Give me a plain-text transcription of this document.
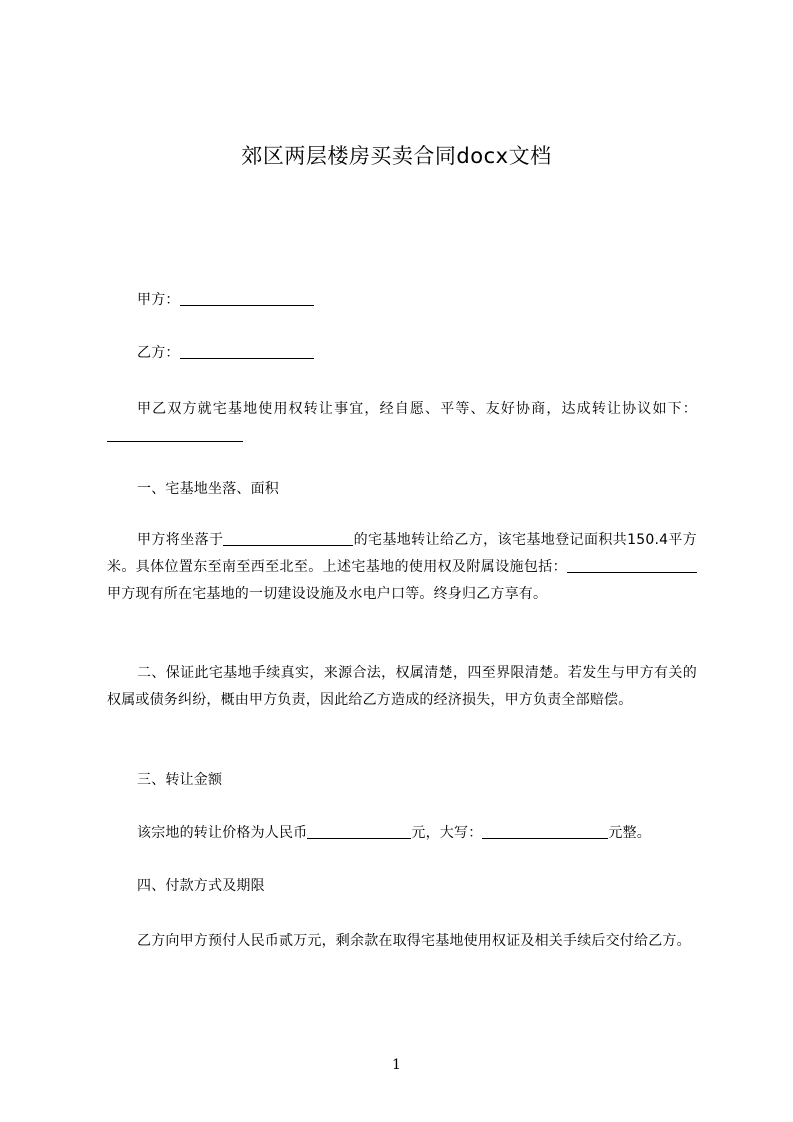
郊区两层楼房买卖合同docx文档
甲方：
乙方：
甲乙双方就宅基地使用权转让事宜，经自愿、平等、友好协商，达成转让协议如下：
一、宅基地坐落、面积
甲方将坐落于	的宅基地转让给乙方，该宅基地登记面积共150.4平方米。具体位置东至南至西至北至。上述宅基地的使用权及附属设施包括：甲方现有所在宅基地的一切建设设施及水电户口等。终身归乙方享有。
二、保证此宅基地手续真实，来源合法，权属清楚，四至界限清楚。若发生与甲方有关的权属或债务纠纷，概由甲方负责，因此给乙方造成的经济损失，甲方负责全部赔偿。
三、转让金额
该宗地的转让价格为人民币	元，大写：	元整。
四、付款方式及期限
乙方向甲方预付人民币贰万元，剩余款在取得宅基地使用权证及相关手续后交付给乙方。
1
